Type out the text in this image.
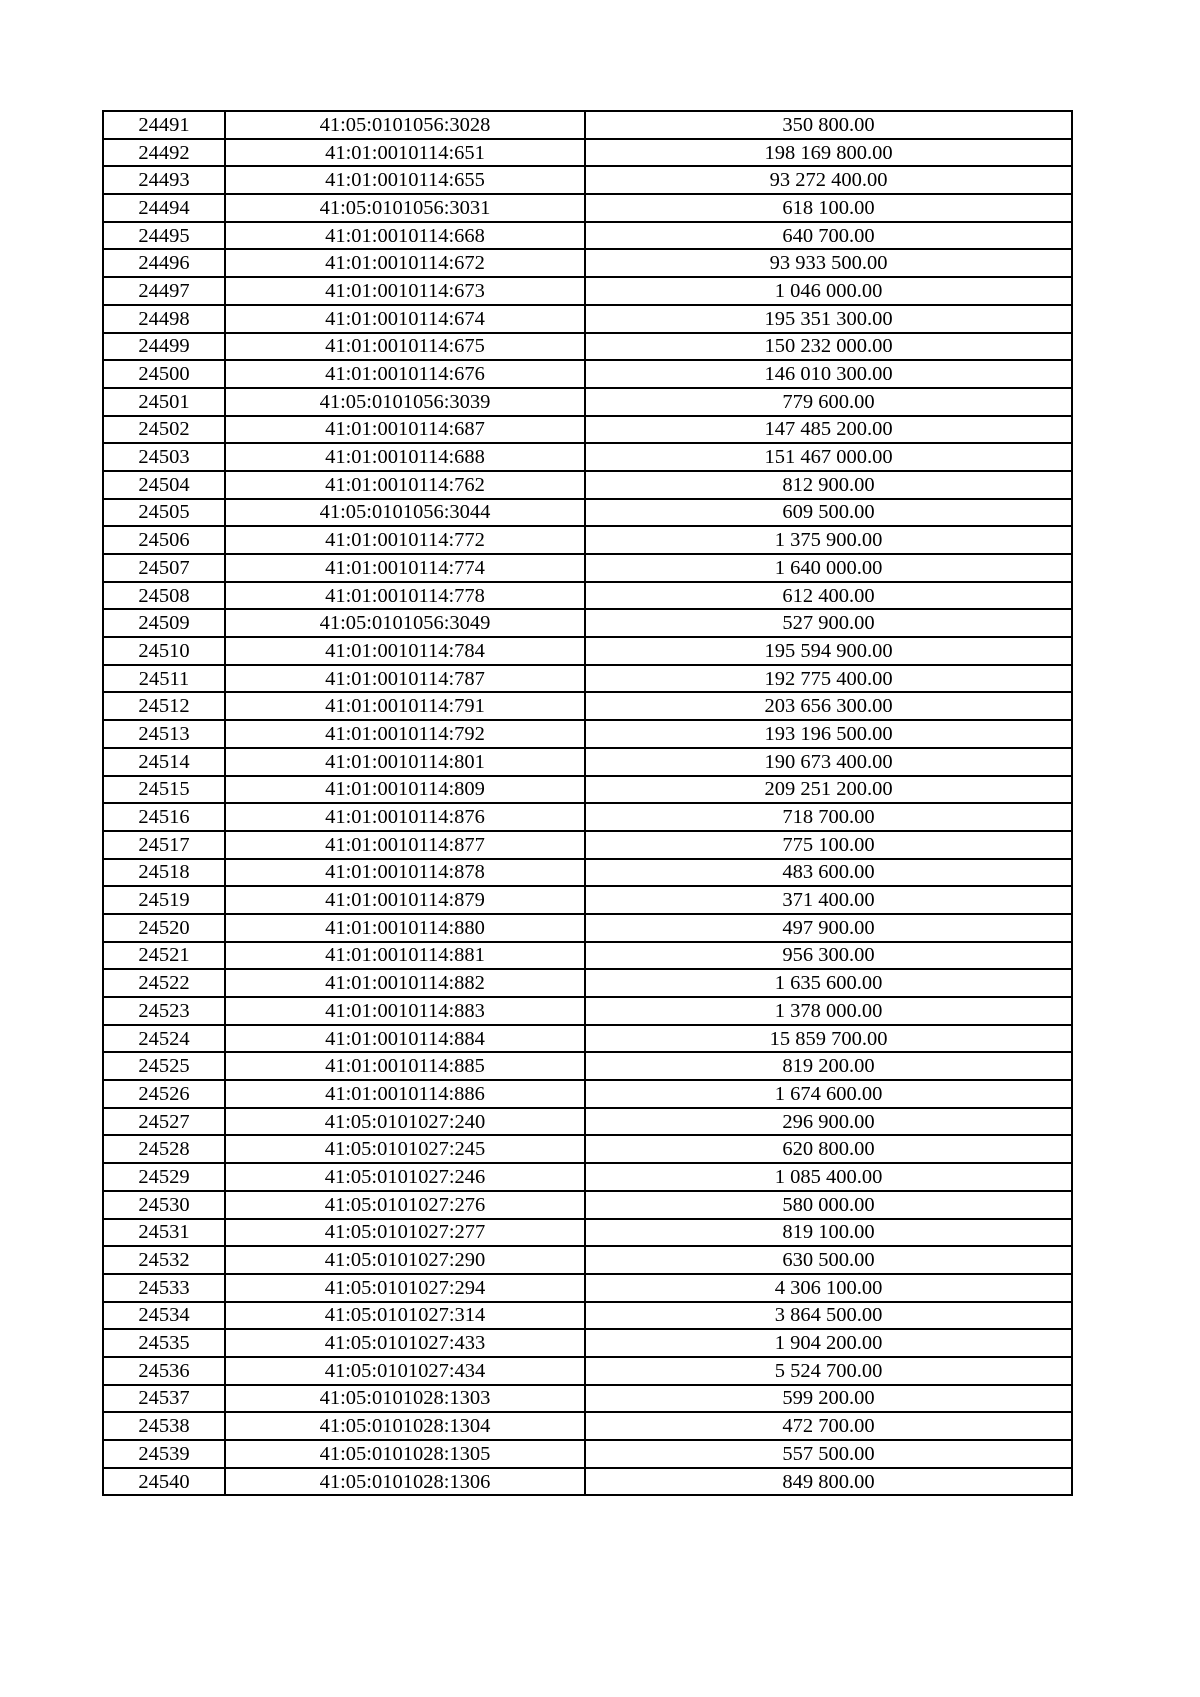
24491	41:05:0101056:3028	350 800.00
24492	41:01:0010114:651	198 169 800.00
24493	41:01:0010114:655	93 272 400.00
24494	41:05:0101056:3031	618 100.00
24495	41:01:0010114:668	640 700.00
24496	41:01:0010114:672	93 933 500.00
24497	41:01:0010114:673	1 046 000.00
24498	41:01:0010114:674	195 351 300.00
24499	41:01:0010114:675	150 232 000.00
24500	41:01:0010114:676	146 010 300.00
24501	41:05:0101056:3039	779 600.00
24502	41:01:0010114:687	147 485 200.00
24503	41:01:0010114:688	151 467 000.00
24504	41:01:0010114:762	812 900.00
24505	41:05:0101056:3044	609 500.00
24506	41:01:0010114:772	1 375 900.00
24507	41:01:0010114:774	1 640 000.00
24508	41:01:0010114:778	612 400.00
24509	41:05:0101056:3049	527 900.00
24510	41:01:0010114:784	195 594 900.00
24511	41:01:0010114:787	192 775 400.00
24512	41:01:0010114:791	203 656 300.00
24513	41:01:0010114:792	193 196 500.00
24514	41:01:0010114:801	190 673 400.00
24515	41:01:0010114:809	209 251 200.00
24516	41:01:0010114:876	718 700.00
24517	41:01:0010114:877	775 100.00
24518	41:01:0010114:878	483 600.00
24519	41:01:0010114:879	371 400.00
24520	41:01:0010114:880	497 900.00
24521	41:01:0010114:881	956 300.00
24522	41:01:0010114:882	1 635 600.00
24523	41:01:0010114:883	1 378 000.00
24524	41:01:0010114:884	15 859 700.00
24525	41:01:0010114:885	819 200.00
24526	41:01:0010114:886	1 674 600.00
24527	41:05:0101027:240	296 900.00
24528	41:05:0101027:245	620 800.00
24529	41:05:0101027:246	1 085 400.00
24530	41:05:0101027:276	580 000.00
24531	41:05:0101027:277	819 100.00
24532	41:05:0101027:290	630 500.00
24533	41:05:0101027:294	4 306 100.00
24534	41:05:0101027:314	3 864 500.00
24535	41:05:0101027:433	1 904 200.00
24536	41:05:0101027:434	5 524 700.00
24537	41:05:0101028:1303	599 200.00
24538	41:05:0101028:1304	472 700.00
24539	41:05:0101028:1305	557 500.00
24540	41:05:0101028:1306	849 800.00
